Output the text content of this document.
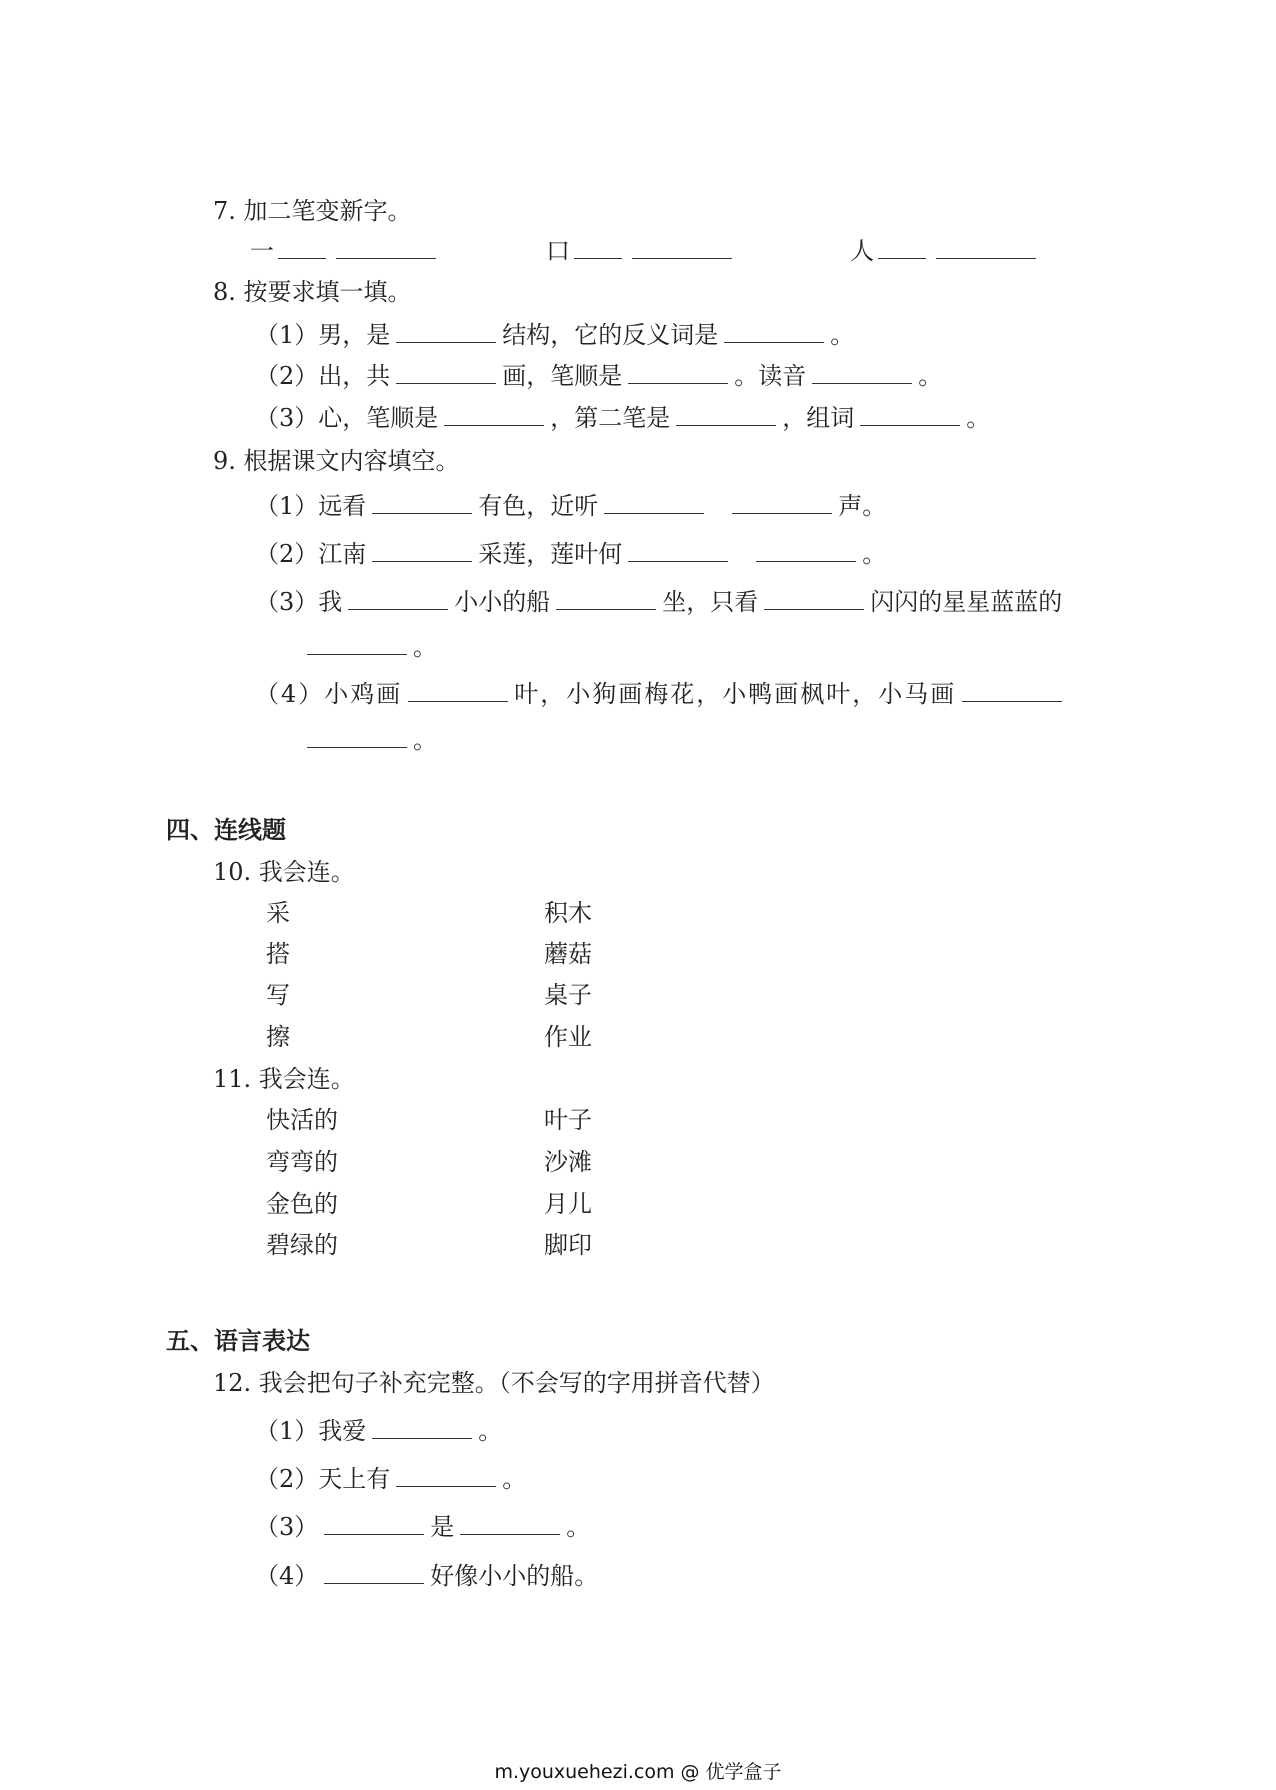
7. 加二笔变新字。
一	口	人
8. 按要求填一填。
（1）男，是	结构，它的反义词是	。
（2）出，共	画，笔顺是	。读音	。
（3）心，笔顺是	，第二笔是	，组词	。
9. 根据课文内容填空。
（1）远看	有色，近听	声。
（2）江南	采莲，莲叶何	。
（3）我	小小的船	坐，只看	闪闪的星星蓝蓝的
。
（4）小鸡画	叶，小狗画梅花，小鸭画枫叶，小马画
。
四、连线题
10. 我会连。
采
搭
写
擦
积木
蘑菇
桌子
作业
11. 我会连。
快活的
弯弯的
金色的
碧绿的
叶子
沙滩
月儿
脚印
五、语言表达
12. 我会把句子补充完整。（不会写的字用拼音代替）
（1）我爱	。
（2）天上有	。
（3）	是	。
（4）	好像小小的船。
m.youxuehezi.com @ 优学盒子
